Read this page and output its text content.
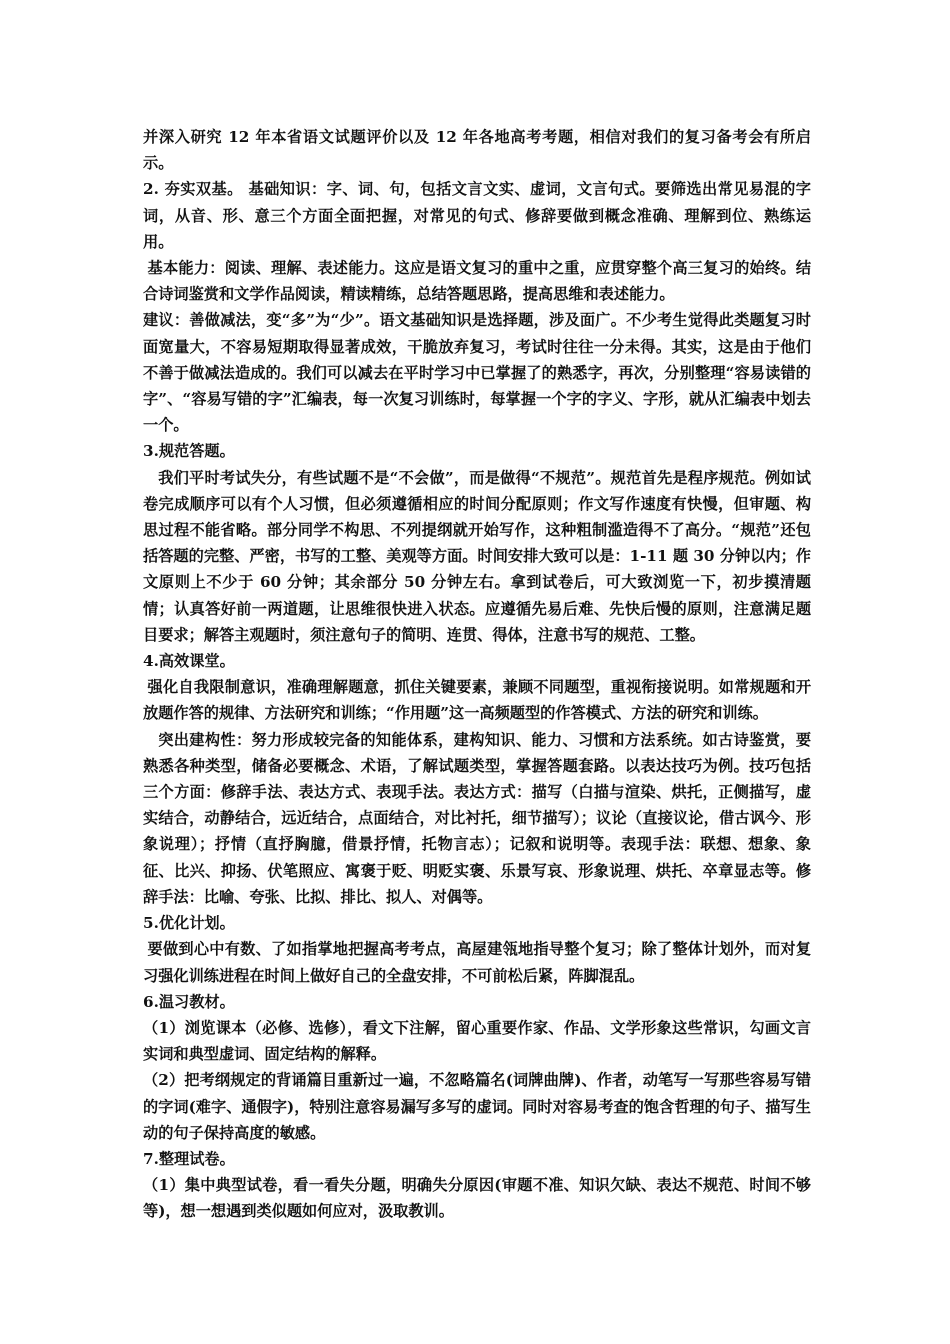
并深入研究 12 年本省语文试题评价以及 12 年各地高考考题，相信对我们的复习备考会有所启示。

2. 夯实双基。 基础知识：字、词、句，包括文言文实、虚词，文言句式。要筛选出常见易混的字词，从音、形、意三个方面全面把握，对常见的句式、修辞要做到概念准确、理解到位、熟练运用。

基本能力：阅读、理解、表述能力。这应是语文复习的重中之重，应贯穿整个高三复习的始终。结合诗词鉴赏和文学作品阅读，精读精练，总结答题思路，提高思维和表述能力。

建议：善做减法，变“多”为“少”。语文基础知识是选择题，涉及面广。不少考生觉得此类题复习时面宽量大，不容易短期取得显著成效，干脆放弃复习，考试时往往一分未得。其实，这是由于他们不善于做减法造成的。我们可以减去在平时学习中已掌握了的熟悉字，再次，分别整理“容易读错的字”、“容易写错的字”汇编表，每一次复习训练时，每掌握一个字的字义、字形，就从汇编表中划去一个。

3.规范答题。

我们平时考试失分，有些试题不是“不会做”，而是做得“不规范”。规范首先是程序规范。例如试卷完成顺序可以有个人习惯，但必须遵循相应的时间分配原则；作文写作速度有快慢，但审题、构思过程不能省略。部分同学不构思、不列提纲就开始写作，这种粗制滥造得不了高分。“规范”还包括答题的完整、严密，书写的工整、美观等方面。时间安排大致可以是：1-11 题 30 分钟以内；作文原则上不少于 60 分钟；其余部分 50 分钟左右。拿到试卷后，可大致浏览一下，初步摸清题情；认真答好前一两道题，让思维很快进入状态。应遵循先易后难、先快后慢的原则，注意满足题目要求；解答主观题时，须注意句子的简明、连贯、得体，注意书写的规范、工整。

4.高效课堂。

强化自我限制意识，准确理解题意，抓住关键要素，兼顾不同题型，重视衔接说明。如常规题和开放题作答的规律、方法研究和训练；“作用题”这一高频题型的作答模式、方法的研究和训练。

突出建构性：努力形成较完备的知能体系，建构知识、能力、习惯和方法系统。如古诗鉴赏，要熟悉各种类型，储备必要概念、术语，了解试题类型，掌握答题套路。以表达技巧为例。技巧包括三个方面：修辞手法、表达方式、表现手法。表达方式：描写（白描与渲染、烘托，正侧描写，虚实结合，动静结合，远近结合，点面结合，对比衬托，细节描写）；议论（直接议论，借古讽今、形象说理）；抒情（直抒胸臆，借景抒情，托物言志）；记叙和说明等。表现手法：联想、想象、象征、比兴、抑扬、伏笔照应、寓褒于贬、明贬实褒、乐景写哀、形象说理、烘托、卒章显志等。修辞手法：比喻、夸张、比拟、排比、拟人、对偶等。

5.优化计划。

要做到心中有数、了如指掌地把握高考考点，高屋建瓴地指导整个复习；除了整体计划外，而对复习强化训练进程在时间上做好自己的全盘安排，不可前松后紧，阵脚混乱。

6.温习教材。

（1）浏览课本（必修、选修），看文下注解，留心重要作家、作品、文学形象这些常识，勾画文言实词和典型虚词、固定结构的解释。

（2）把考纲规定的背诵篇目重新过一遍，不忽略篇名(词牌曲牌)、作者，动笔写一写那些容易写错的字词(难字、通假字)，特别注意容易漏写多写的虚词。同时对容易考查的饱含哲理的句子、描写生动的句子保持高度的敏感。

7.整理试卷。

（1）集中典型试卷，看一看失分题，明确失分原因(审题不准、知识欠缺、表达不规范、时间不够等)，想一想遇到类似题如何应对，汲取教训。
